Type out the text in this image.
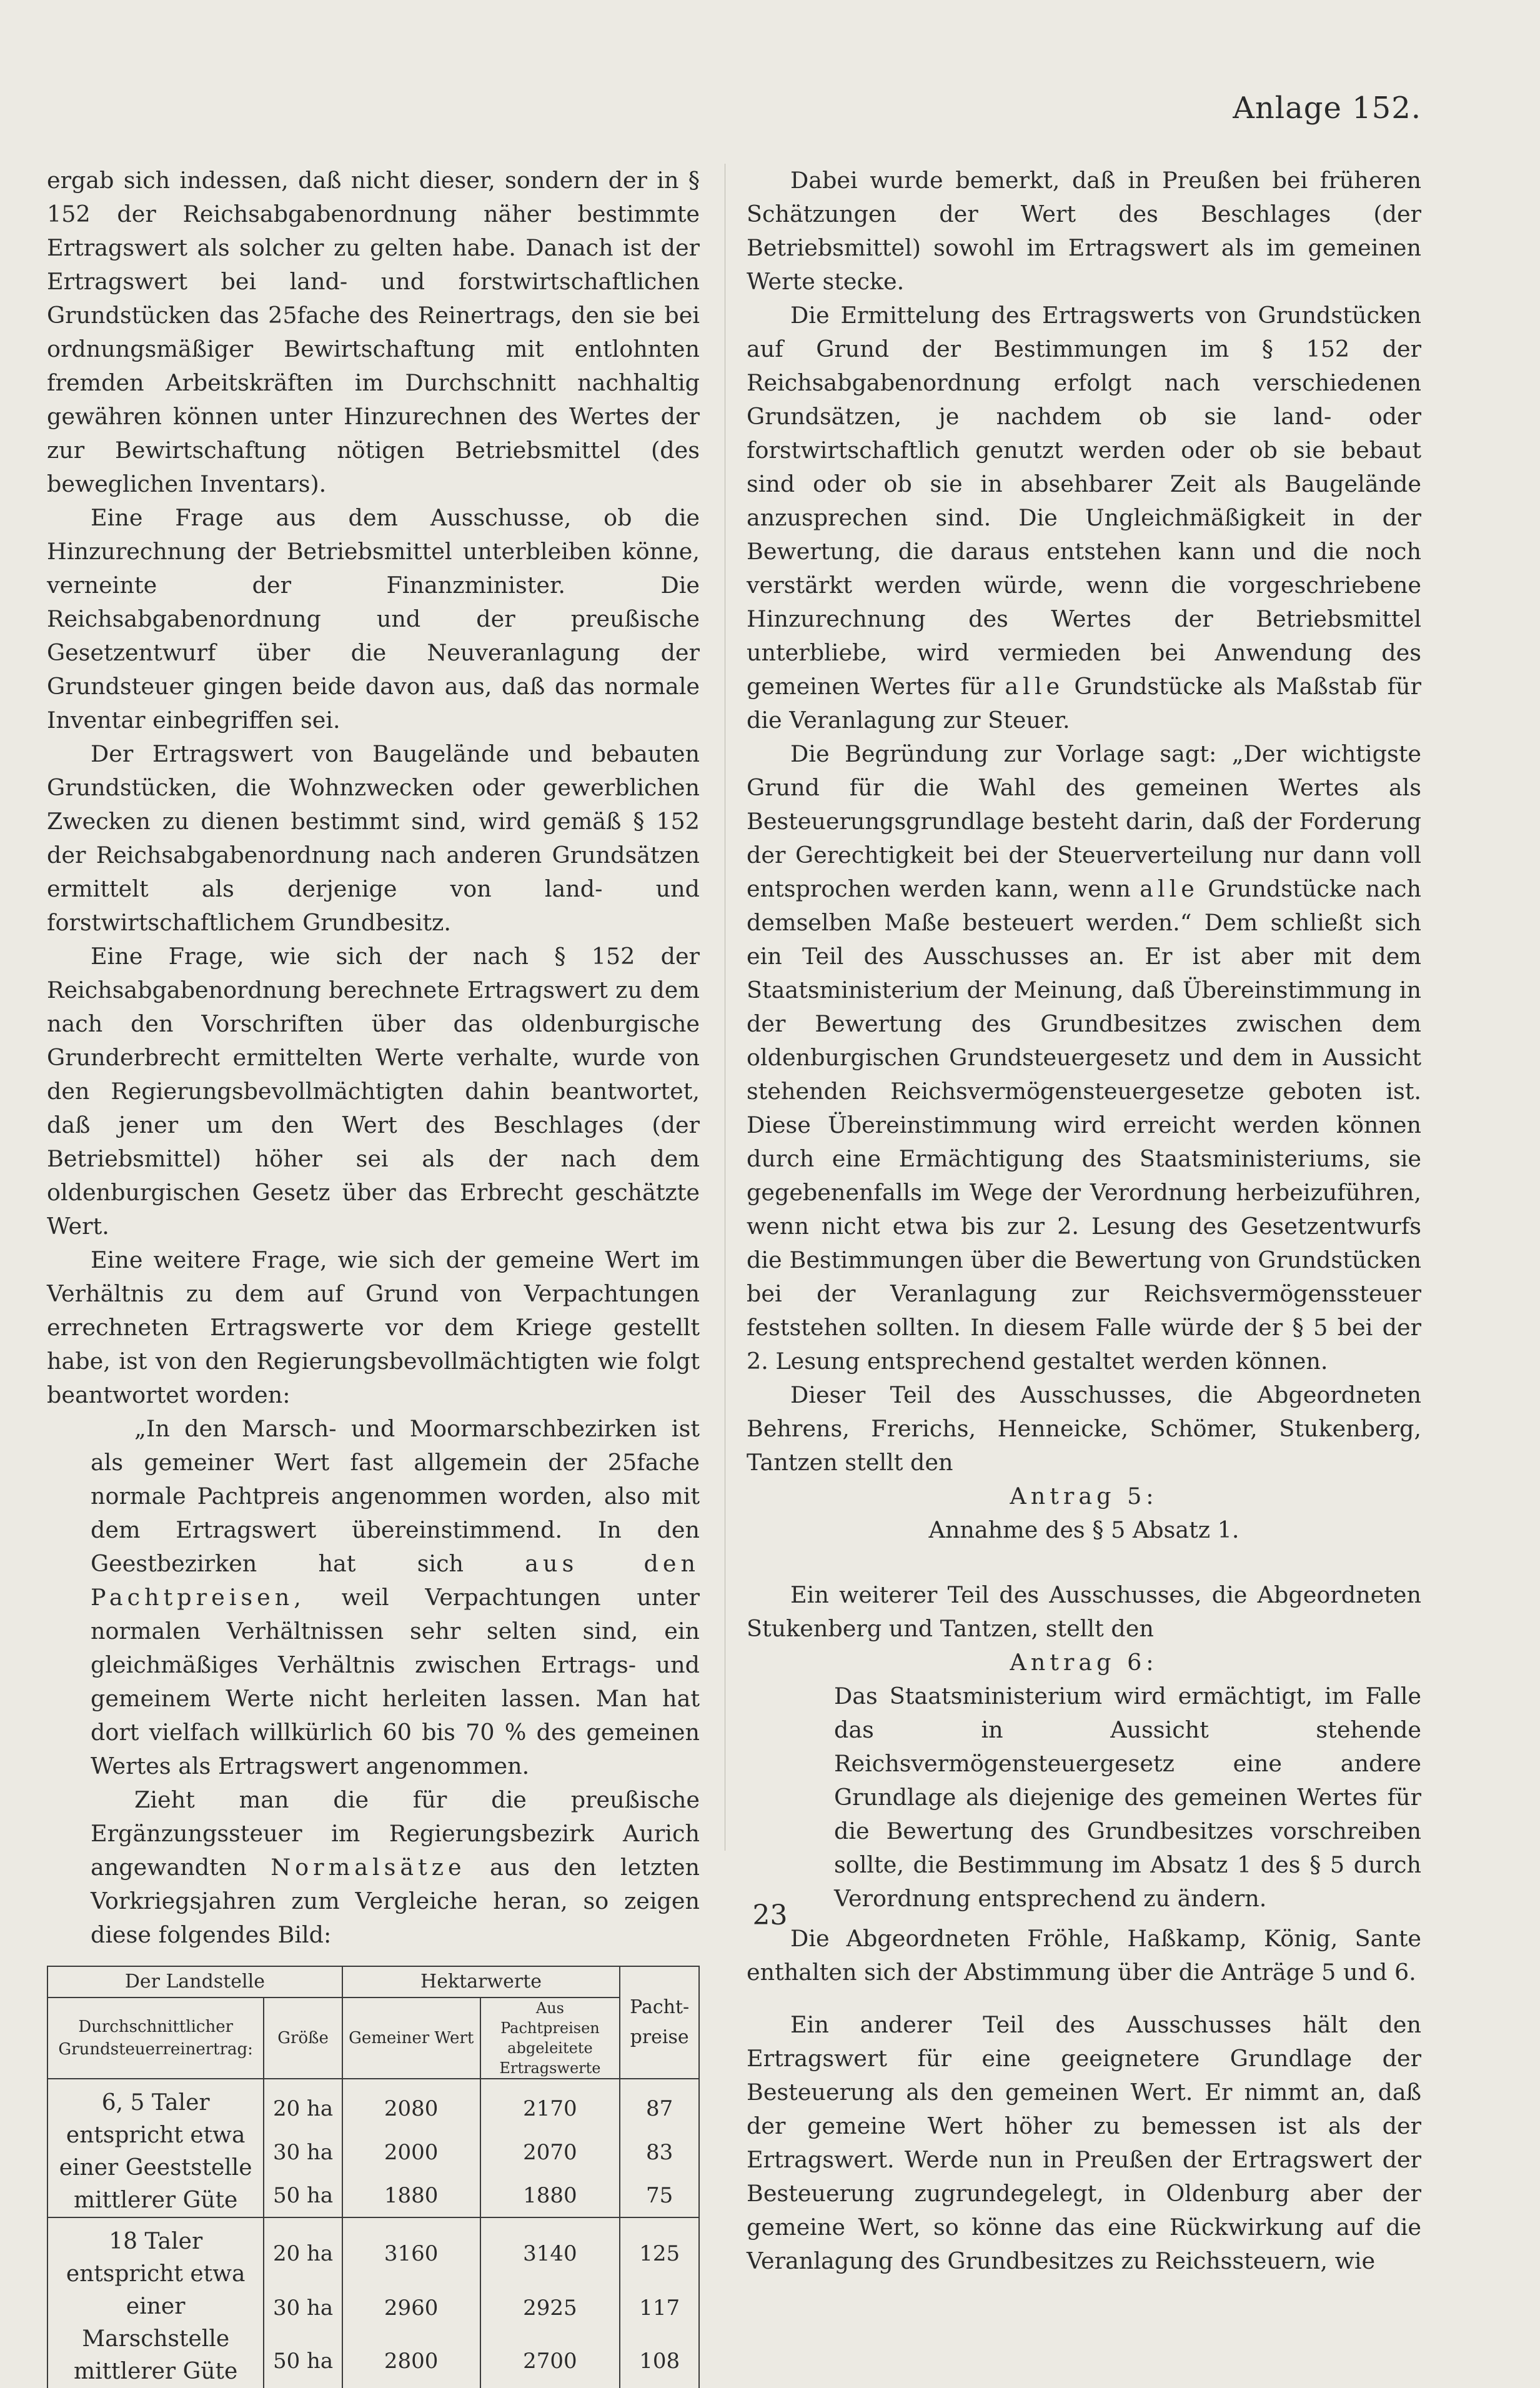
Anlage 152.

ergab sich indessen, daß nicht dieser, sondern der in § 152 der Reichsabgabenordnung näher bestimmte Ertragswert als solcher zu gelten habe. Danach ist der Ertragswert bei land- und forstwirtschaftlichen Grundstücken das 25fache des Reinertrags, den sie bei ordnungsmäßiger Bewirtschaftung mit entlohnten fremden Arbeitskräften im Durchschnitt nachhaltig gewähren können unter Hinzurechnen des Wertes der zur Bewirtschaftung nötigen Betriebsmittel (des beweglichen Inventars).

Eine Frage aus dem Ausschusse, ob die Hinzurechnung der Betriebsmittel unterbleiben könne, verneinte der Finanzminister. Die Reichsabgabenordnung und der preußische Gesetzentwurf über die Neuveranlagung der Grundsteuer gingen beide davon aus, daß das normale Inventar einbegriffen sei.

Der Ertragswert von Baugelände und bebauten Grundstücken, die Wohnzwecken oder gewerblichen Zwecken zu dienen bestimmt sind, wird gemäß § 152 der Reichsabgabenordnung nach anderen Grundsätzen ermittelt als derjenige von land- und forstwirtschaftlichem Grundbesitz.

Eine Frage, wie sich der nach § 152 der Reichsabgabenordnung berechnete Ertragswert zu dem nach den Vorschriften über das oldenburgische Grunderbrecht ermittelten Werte verhalte, wurde von den Regierungsbevollmächtigten dahin beantwortet, daß jener um den Wert des Beschlages (der Betriebsmittel) höher sei als der nach dem oldenburgischen Gesetz über das Erbrecht geschätzte Wert.

Eine weitere Frage, wie sich der gemeine Wert im Verhältnis zu dem auf Grund von Verpachtungen errechneten Ertragswerte vor dem Kriege gestellt habe, ist von den Regierungsbevollmächtigten wie folgt beantwortet worden:

„In den Marsch- und Moormarschbezirken ist als gemeiner Wert fast allgemein der 25fache normale Pachtpreis angenommen worden, also mit dem Ertragswert übereinstimmend. In den Geestbezirken hat sich	aus den Pachtpreisen, weil Verpachtungen unter normalen Verhältnissen sehr selten sind, ein gleichmäßiges Verhältnis zwischen Ertrags- und gemeinem Werte nicht herleiten lassen. Man hat dort vielfach willkürlich 60 bis 70 % des gemeinen Wertes als Ertragswert angenommen.

Zieht man die für die preußische Ergänzungssteuer im Regierungsbezirk Aurich angewandten Normalsätze aus den letzten Vorkriegsjahren zum Vergleiche heran, so zeigen diese folgendes Bild:

Der Landstelle		Hektarwerte		Pacht-preise
Durchschnittlicher Grundsteuerreinertrag:	Größe	Gemeiner Wert	Aus Pachtpreisen abgeleitete Ertragswerte	
6, 5 Taler entspricht etwa einer Geeststelle mittlerer Güte	20 ha	2080	2170	87
	30 ha	2000	2070	83
	50 ha	1880	1880	75
18 Taler entspricht etwa einer Marschstelle mittlerer Güte	20 ha	3160	3140	125
	30 ha	2960	2925	117
	50 ha	2800	2700	108

Dabei wurde bemerkt, daß in Preußen bei früheren Schätzungen der Wert des Beschlages (der Betriebsmittel) sowohl im Ertragswert als im gemeinen Werte stecke.

Die Ermittelung des Ertragswerts von Grundstücken auf Grund der Bestimmungen im § 152 der Reichsabgabenordnung erfolgt nach verschiedenen Grundsätzen, je nachdem ob sie land- oder forstwirtschaftlich genutzt werden oder ob sie bebaut sind oder ob sie in absehbarer Zeit als Baugelände anzusprechen sind. Die Ungleichmäßigkeit in der Bewertung, die daraus entstehen kann und die noch verstärkt werden würde, wenn die vorgeschriebene Hinzurechnung des Wertes der Betriebsmittel unterbliebe, wird vermieden bei Anwendung des gemeinen Wertes für alle Grundstücke als Maßstab für die Veranlagung zur Steuer.

Die Begründung zur Vorlage sagt: „Der wichtigste Grund für die Wahl des gemeinen Wertes als Besteuerungsgrundlage besteht darin, daß der Forderung der Gerechtigkeit bei der Steuerverteilung nur dann voll entsprochen werden kann, wenn alle Grundstücke nach demselben Maße besteuert werden.“ Dem schließt sich ein Teil des Ausschusses an. Er ist aber mit dem Staatsministerium der Meinung, daß Übereinstimmung in der Bewertung des Grundbesitzes zwischen dem oldenburgischen Grundsteuergesetz und dem in Aussicht stehenden Reichsvermögensteuergesetze geboten ist. Diese Übereinstimmung wird erreicht werden können durch eine Ermächtigung des Staatsministeriums, sie gegebenenfalls im Wege der Verordnung herbeizuführen, wenn nicht etwa bis zur 2. Lesung des Gesetzentwurfs die Bestimmungen über die Bewertung von Grundstücken bei der Veranlagung zur Reichsvermögenssteuer feststehen sollten. In diesem Falle würde der § 5 bei der 2. Lesung entsprechend gestaltet werden können.

Dieser Teil des Ausschusses, die Abgeordneten Behrens, Frerichs, Henneicke, Schömer, Stukenberg, Tantzen stellt den

Antrag 5:

Annahme des § 5 Absatz 1.

Ein weiterer Teil des Ausschusses, die Abgeordneten Stukenberg und Tantzen, stellt den

Antrag 6:

Das Staatsministerium wird ermächtigt, im Falle das in Aussicht stehende Reichsvermögensteuergesetz eine andere Grundlage als diejenige des gemeinen Wertes für die Bewertung des Grundbesitzes vorschreiben sollte, die Bestimmung im Absatz 1 des § 5 durch Verordnung entsprechend zu ändern.

Die Abgeordneten Fröhle, Haßkamp, König, Sante enthalten sich der Abstimmung über die Anträge 5 und 6.

Ein anderer Teil des Ausschusses hält den Ertragswert für eine geeignetere Grundlage der Besteuerung als den gemeinen Wert. Er nimmt an, daß der gemeine Wert höher zu bemessen ist als der Ertragswert. Werde nun in Preußen der Ertragswert der Besteuerung zugrundegelegt, in Oldenburg aber der gemeine Wert, so könne das eine Rückwirkung auf die Veranlagung des Grundbesitzes zu Reichssteuern, wie

23
